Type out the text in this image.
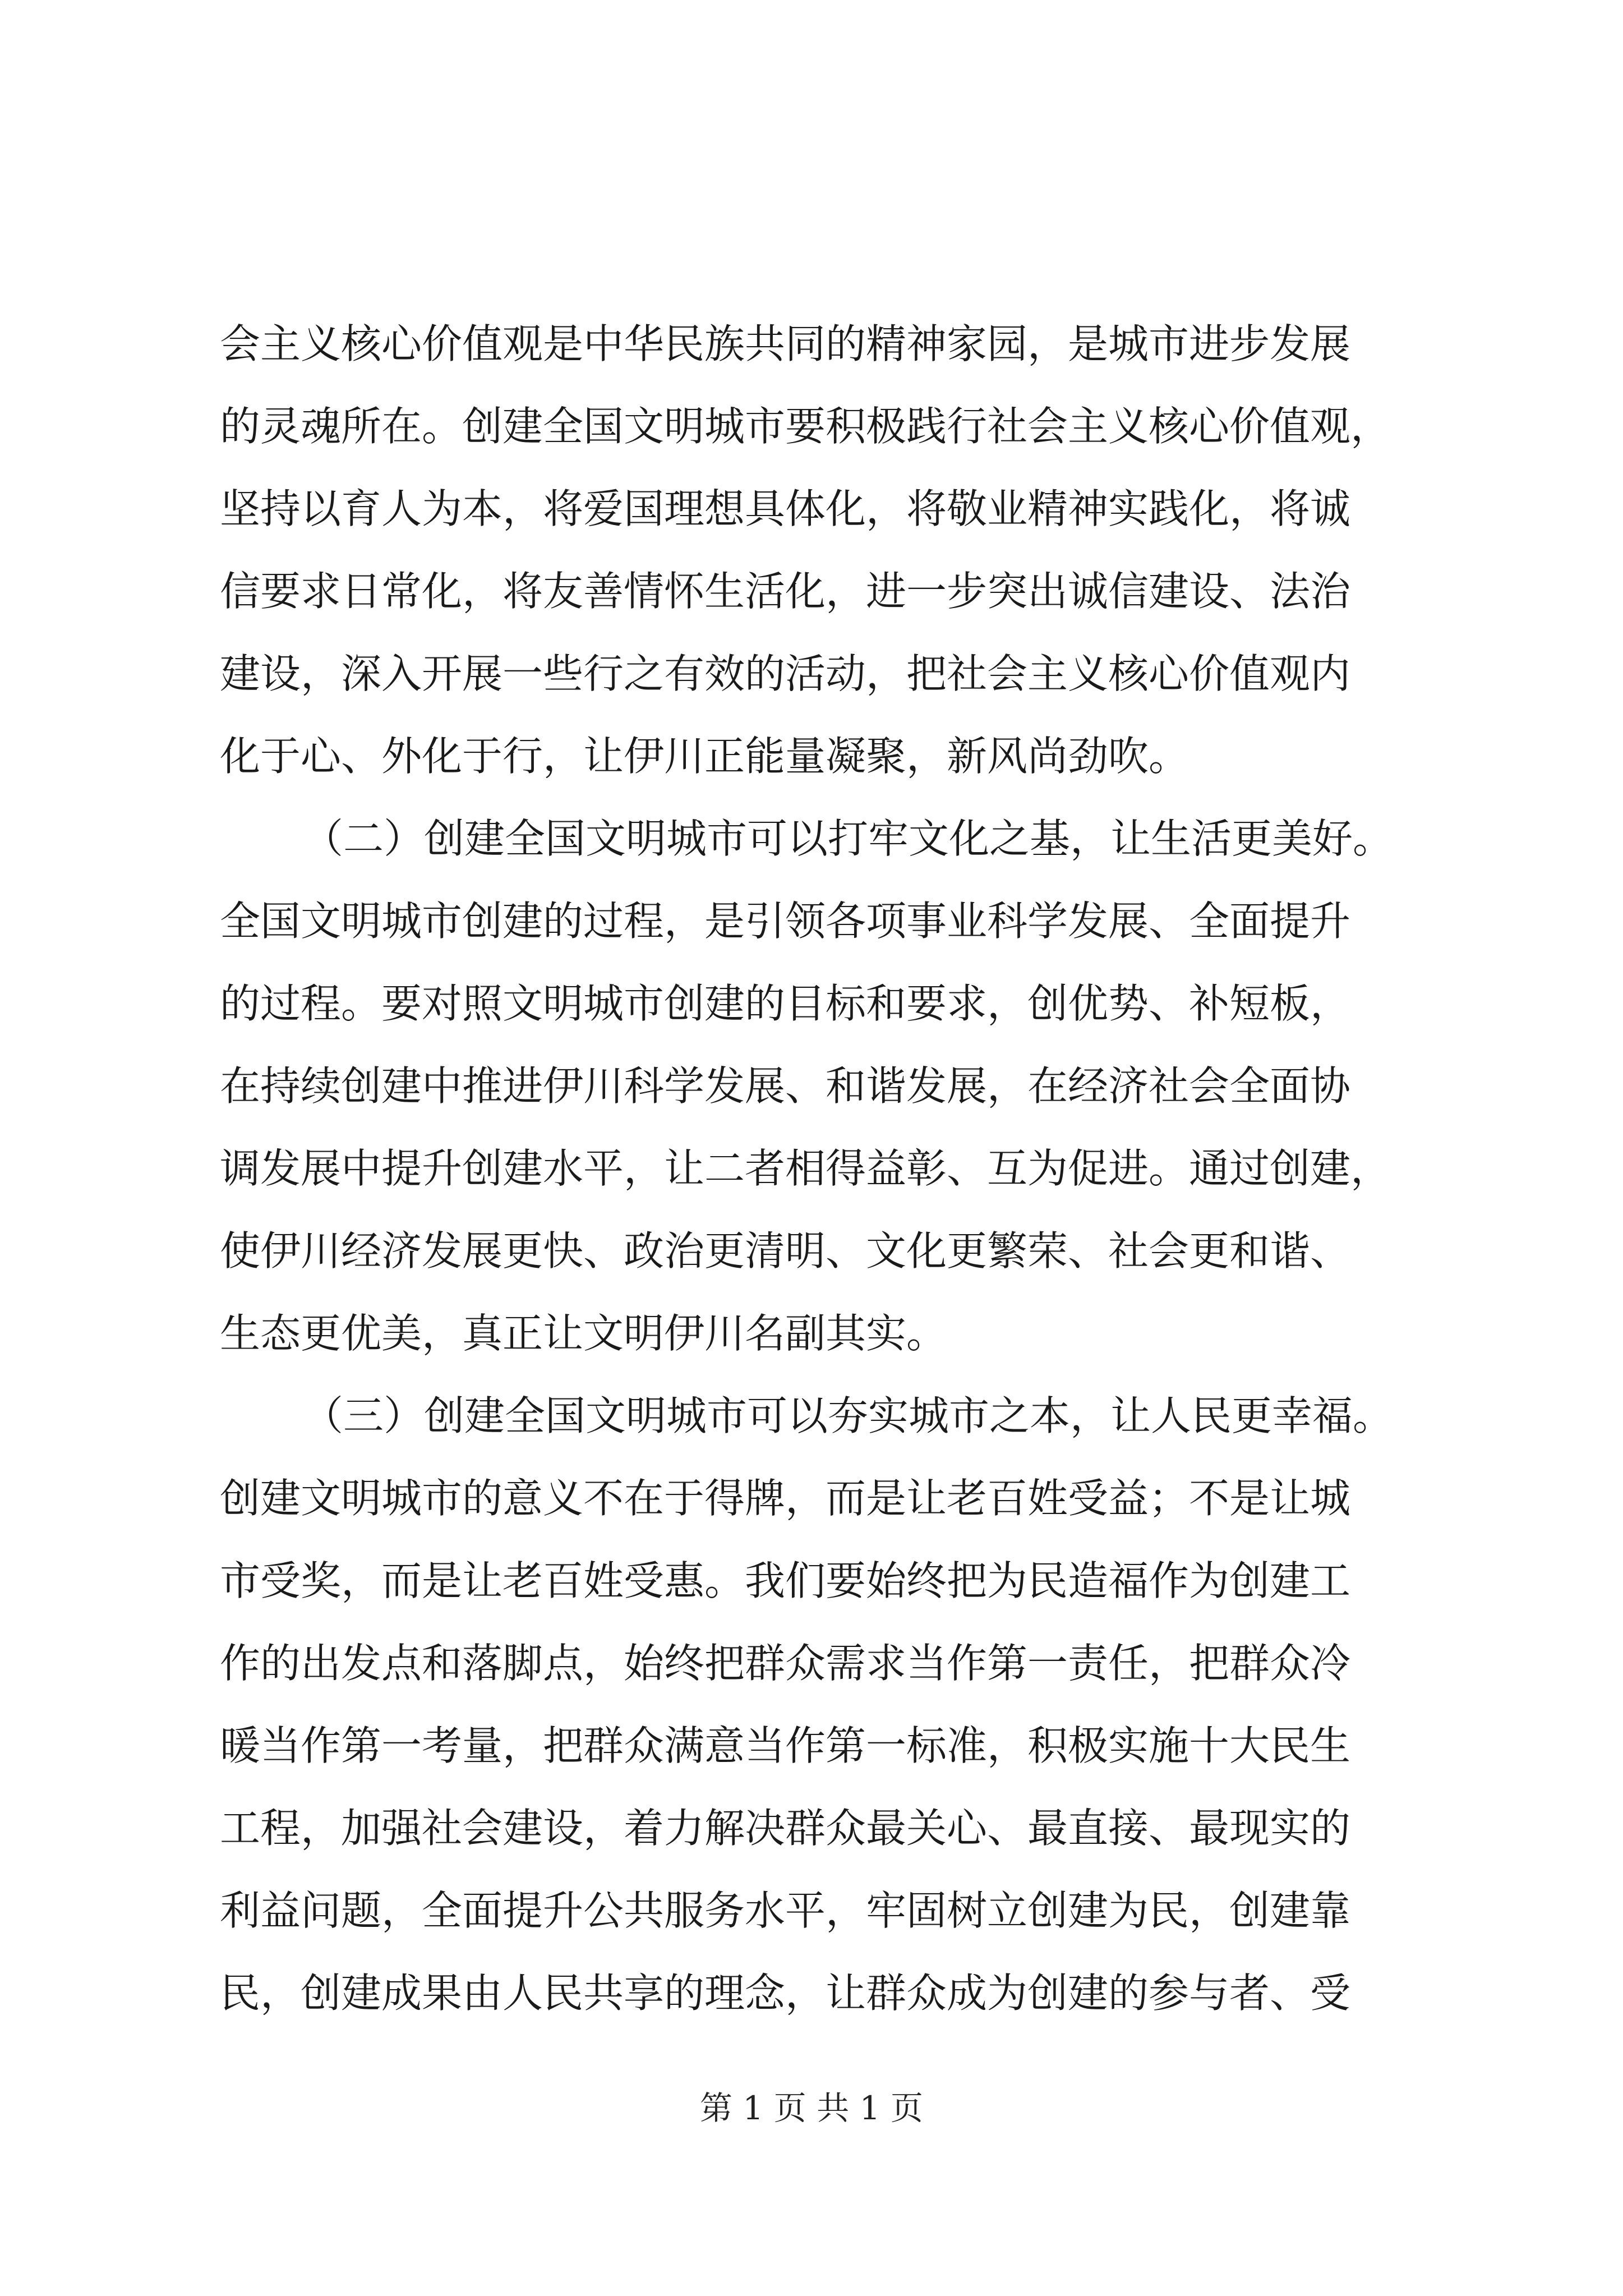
会主义核心价值观是中华民族共同的精神家园，是城市进步发展
的灵魂所在。创建全国文明城市要积极践行社会主义核心价值观，
坚持以育人为本，将爱国理想具体化，将敬业精神实践化，将诚
信要求日常化，将友善情怀生活化，进一步突出诚信建设、法治
建设，深入开展一些行之有效的活动，把社会主义核心价值观内
化于心、外化于行，让伊川正能量凝聚，新风尚劲吹。
（二）创建全国文明城市可以打牢文化之基，让生活更美好。
全国文明城市创建的过程，是引领各项事业科学发展、全面提升
的过程。要对照文明城市创建的目标和要求，创优势、补短板，
在持续创建中推进伊川科学发展、和谐发展，在经济社会全面协
调发展中提升创建水平，让二者相得益彰、互为促进。通过创建，
使伊川经济发展更快、政治更清明、文化更繁荣、社会更和谐、
生态更优美，真正让文明伊川名副其实。
（三）创建全国文明城市可以夯实城市之本，让人民更幸福。
创建文明城市的意义不在于得牌，而是让老百姓受益；不是让城
市受奖，而是让老百姓受惠。我们要始终把为民造福作为创建工
作的出发点和落脚点，始终把群众需求当作第一责任，把群众冷
暖当作第一考量，把群众满意当作第一标准，积极实施十大民生
工程，加强社会建设，着力解决群众最关心、最直接、最现实的
利益问题，全面提升公共服务水平，牢固树立创建为民，创建靠
民，创建成果由人民共享的理念，让群众成为创建的参与者、受
第 1 页 共 1 页
